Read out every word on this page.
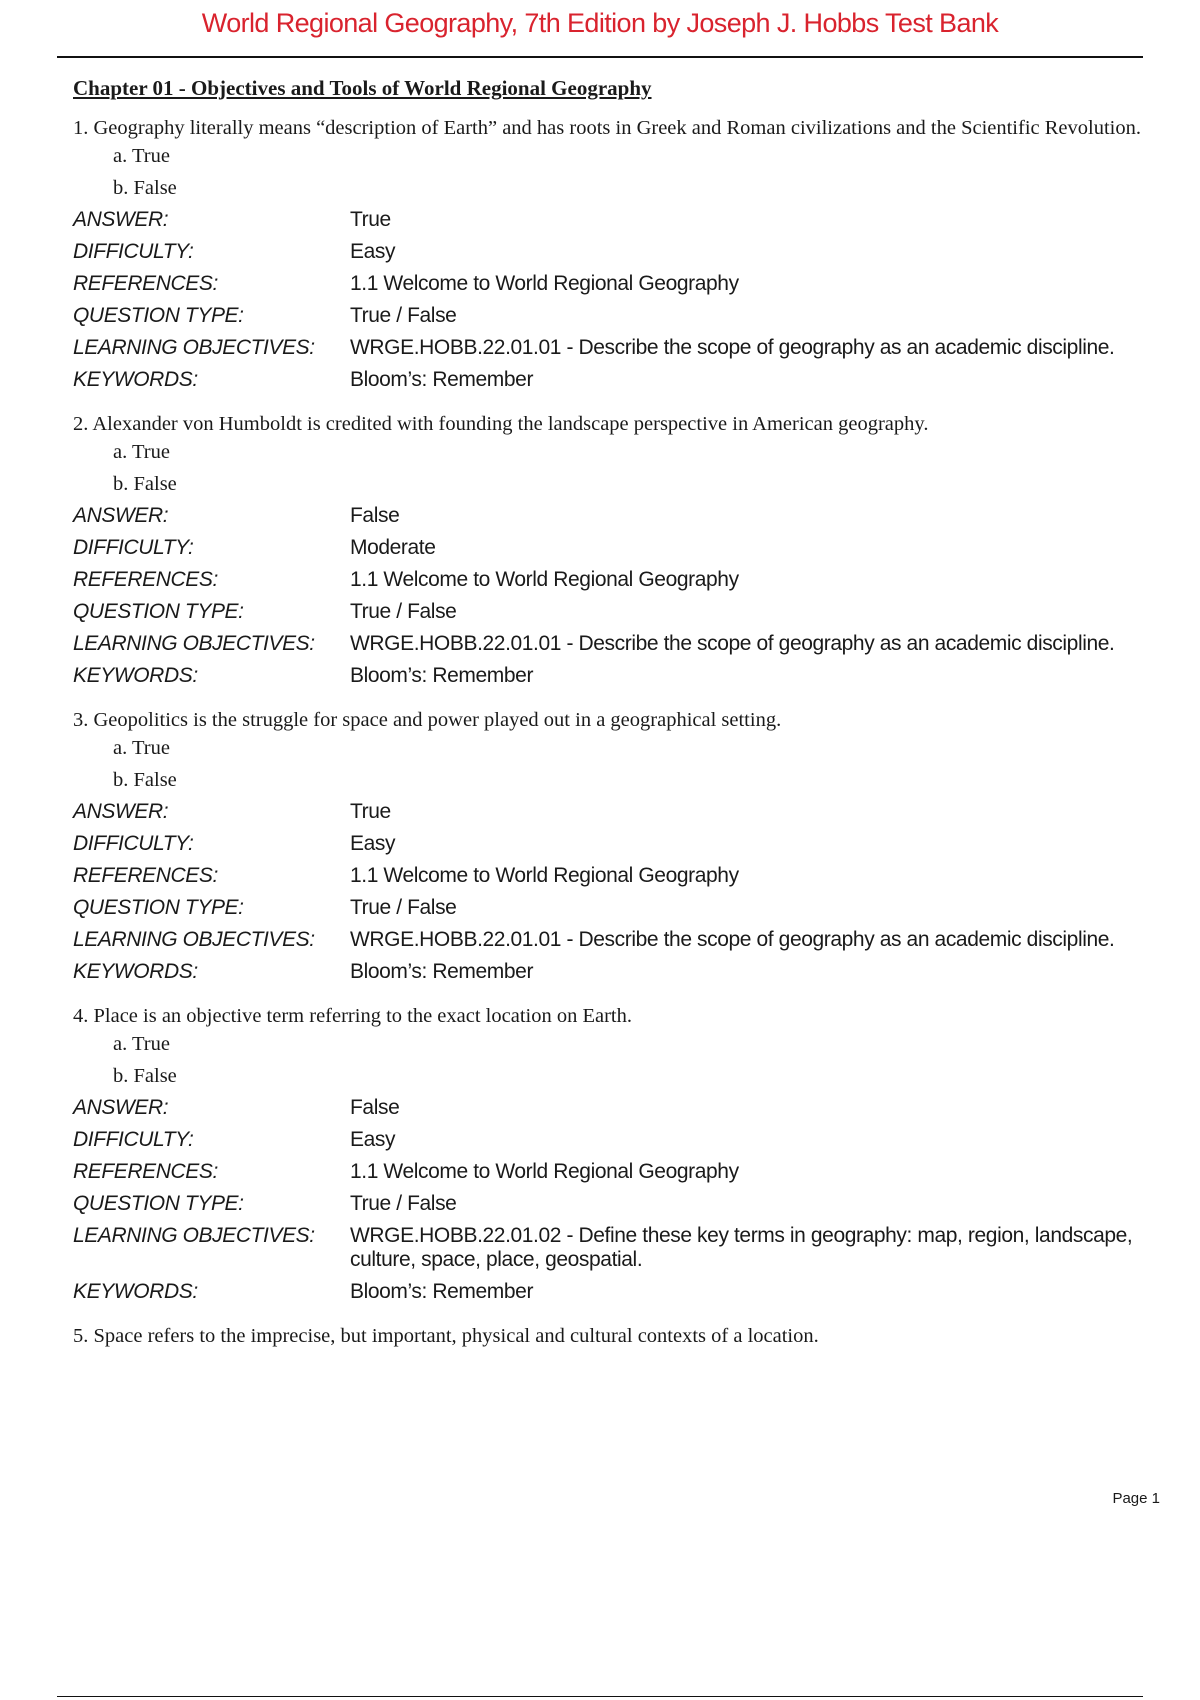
World Regional Geography, 7th Edition by Joseph J. Hobbs Test Bank
Chapter 01 - Objectives and Tools of World Regional Geography

1. Geography literally means “description of Earth” and has roots in Greek and Roman civilizations and the Scientific Revolution.

a. True
b. False
ANSWER:	True
DIFFICULTY:	Easy
REFERENCES:	1.1 Welcome to World Regional Geography
QUESTION TYPE:	True / False
LEARNING OBJECTIVES:	WRGE.HOBB.22.01.01 - Describe the scope of geography as an academic discipline.
KEYWORDS:	Bloom’s: Remember

2. Alexander von Humboldt is credited with founding the landscape perspective in American geography.

a. True
b. False
ANSWER:	False
DIFFICULTY:	Moderate
REFERENCES:	1.1 Welcome to World Regional Geography
QUESTION TYPE:	True / False
LEARNING OBJECTIVES:	WRGE.HOBB.22.01.01 - Describe the scope of geography as an academic discipline.
KEYWORDS:	Bloom’s: Remember

3. Geopolitics is the struggle for space and power played out in a geographical setting.

a. True
b. False
ANSWER:	True
DIFFICULTY:	Easy
REFERENCES:	1.1 Welcome to World Regional Geography
QUESTION TYPE:	True / False
LEARNING OBJECTIVES:	WRGE.HOBB.22.01.01 - Describe the scope of geography as an academic discipline.
KEYWORDS:	Bloom’s: Remember

4. Place is an objective term referring to the exact location on Earth.

a. True
b. False
ANSWER:	False
DIFFICULTY:	Easy
REFERENCES:	1.1 Welcome to World Regional Geography
QUESTION TYPE:	True / False
LEARNING OBJECTIVES:	WRGE.HOBB.22.01.02 - Define these key terms in geography: map, region, landscape, culture, space, place, geospatial.
KEYWORDS:	Bloom’s: Remember

5. Space refers to the imprecise, but important, physical and cultural contexts of a location.

Page 1
